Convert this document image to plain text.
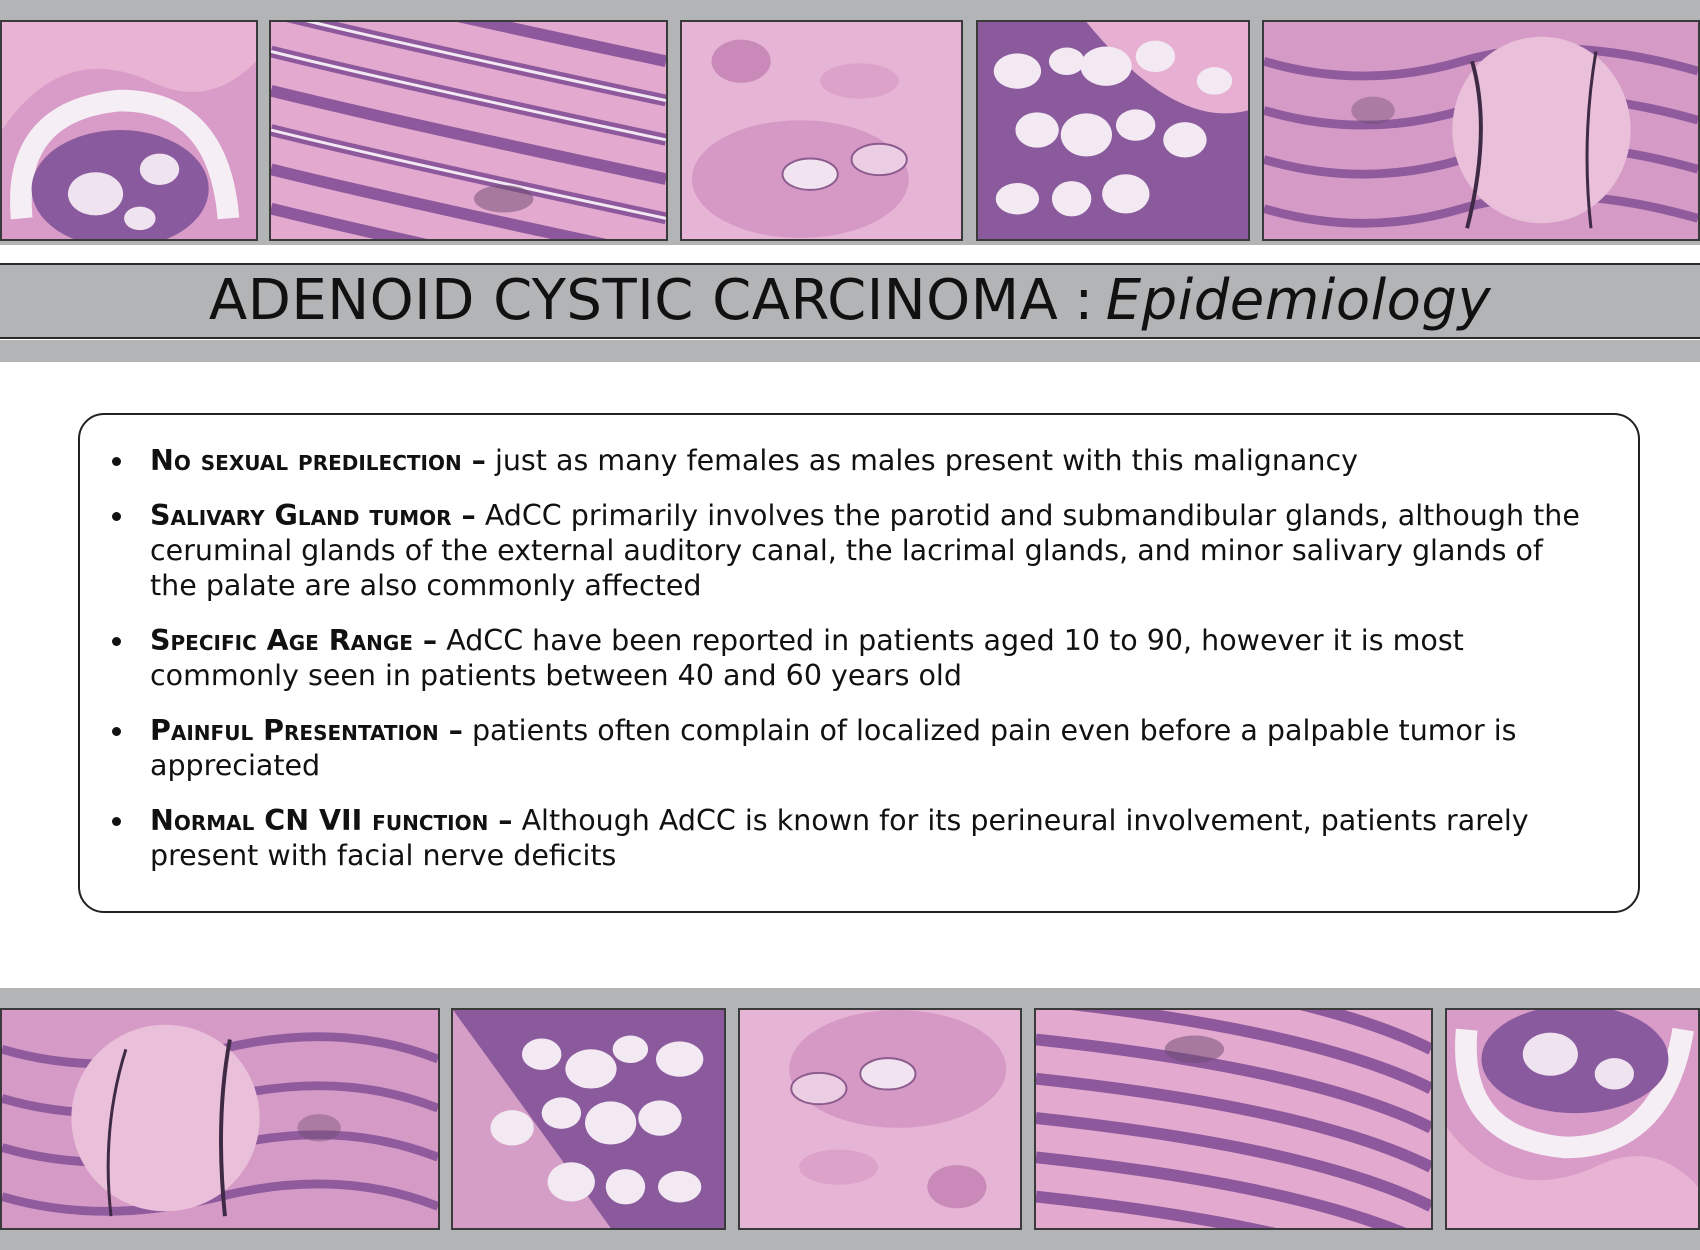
ADENOID CYSTIC CARCINOMA : Epidemiology
No sexual predilection – just as many females as males present with this malignancy
Salivary Gland tumor – AdCC primarily involves the parotid and submandibular glands, although the ceruminal glands of the external auditory canal, the lacrimal glands, and minor salivary glands of the palate are also commonly affected
Specific Age Range – AdCC have been reported in patients aged 10 to 90, however it is most commonly seen in patients between 40 and 60 years old
Painful Presentation – patients often complain of localized pain even before a palpable tumor is appreciated
Normal CN VII function – Although AdCC is known for its perineural involvement, patients rarely present with facial nerve deficits
